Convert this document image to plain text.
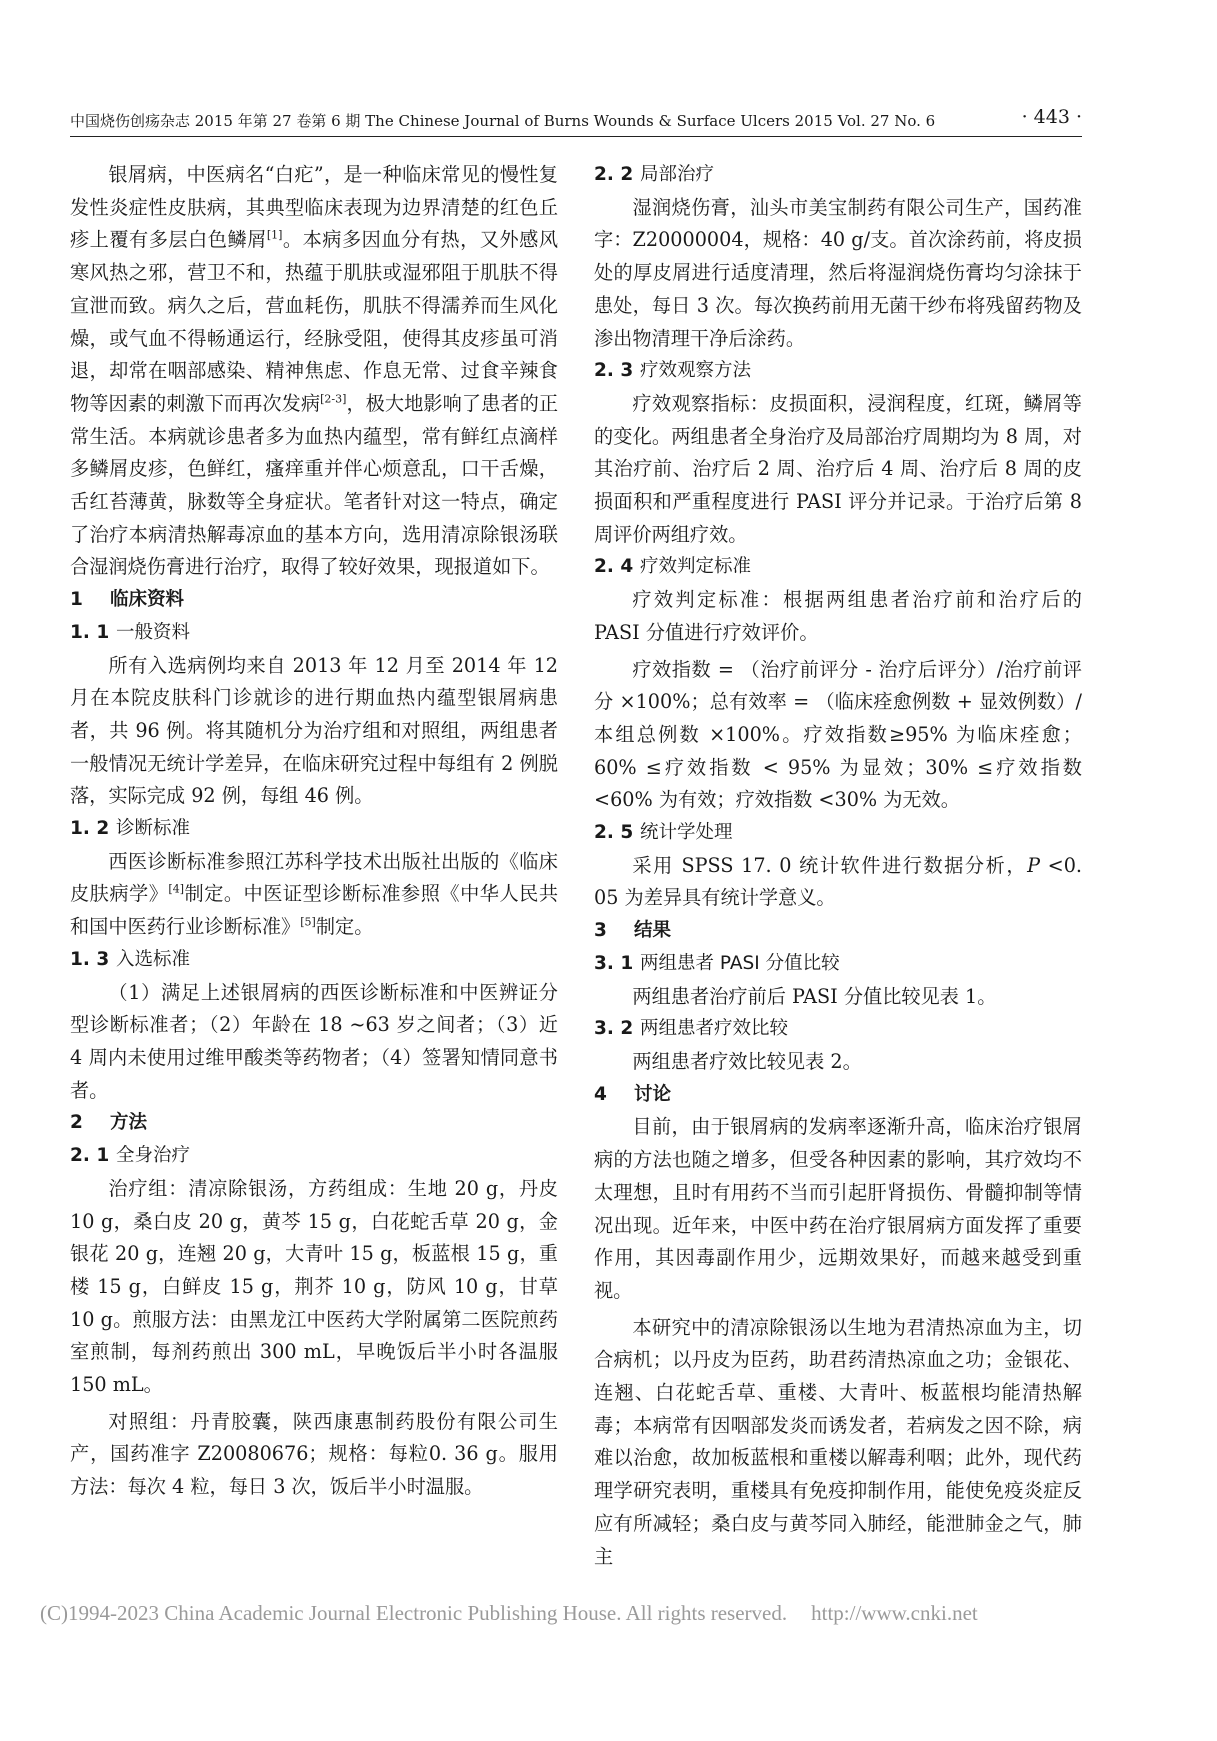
中国烧伤创疡杂志 2015 年第 27 卷第 6 期 The Chinese Journal of Burns Wounds & Surface Ulcers 2015 Vol. 27 No. 6	· 443 ·

银屑病，中医病名“白疕”，是一种临床常见的慢性复发性炎症性皮肤病，其典型临床表现为边界清楚的红色丘疹上覆有多层白色鳞屑[1]。本病多因血分有热，又外感风寒风热之邪，营卫不和，热蕴于肌肤或湿邪阻于肌肤不得宣泄而致。病久之后，营血耗伤，肌肤不得濡养而生风化燥，或气血不得畅通运行，经脉受阻，使得其皮疹虽可消退，却常在咽部感染、精神焦虑、作息无常、过食辛辣食物等因素的刺激下而再次发病[2-3]，极大地影响了患者的正常生活。本病就诊患者多为血热内蕴型，常有鲜红点滴样多鳞屑皮疹，色鲜红，瘙痒重并伴心烦意乱，口干舌燥，舌红苔薄黄，脉数等全身症状。笔者针对这一特点，确定了治疗本病清热解毒凉血的基本方向，选用清凉除银汤联合湿润烧伤膏进行治疗，取得了较好效果，现报道如下。

1 临床资料

1. 1 一般资料

所有入选病例均来自 2013 年 12 月至 2014 年 12 月在本院皮肤科门诊就诊的进行期血热内蕴型银屑病患者，共 96 例。将其随机分为治疗组和对照组，两组患者一般情况无统计学差异，在临床研究过程中每组有 2 例脱落，实际完成 92 例，每组 46 例。

1. 2 诊断标准

西医诊断标准参照江苏科学技术出版社出版的《临床皮肤病学》[4]制定。中医证型诊断标准参照《中华人民共和国中医药行业诊断标准》[5]制定。

1. 3 入选标准

（1）满足上述银屑病的西医诊断标准和中医辨证分型诊断标准者；（2）年龄在 18 ~63 岁之间者；（3）近 4 周内未使用过维甲酸类等药物者；（4）签署知情同意书者。

2 方法

2. 1 全身治疗

治疗组：清凉除银汤，方药组成：生地 20 g，丹皮 10 g，桑白皮 20 g，黄芩 15 g，白花蛇舌草 20 g，金银花 20 g，连翘 20 g，大青叶 15 g，板蓝根 15 g，重楼 15 g，白鲜皮 15 g，荆芥 10 g，防风 10 g，甘草 10 g。煎服方法：由黑龙江中医药大学附属第二医院煎药室煎制，每剂药煎出 300 mL，早晚饭后半小时各温服 150 mL。

对照组：丹青胶囊，陕西康惠制药股份有限公司生产，国药准字 Z20080676；规格：每粒0. 36 g。服用方法：每次 4 粒，每日 3 次，饭后半小时温服。

2. 2 局部治疗

湿润烧伤膏，汕头市美宝制药有限公司生产，国药准字：Z20000004，规格：40 g/支。首次涂药前，将皮损处的厚皮屑进行适度清理，然后将湿润烧伤膏均匀涂抹于患处，每日 3 次。每次换药前用无菌干纱布将残留药物及渗出物清理干净后涂药。

2. 3 疗效观察方法

疗效观察指标：皮损面积，浸润程度，红斑，鳞屑等的变化。两组患者全身治疗及局部治疗周期均为 8 周，对其治疗前、治疗后 2 周、治疗后 4 周、治疗后 8 周的皮损面积和严重程度进行 PASI 评分并记录。于治疗后第 8 周评价两组疗效。

2. 4 疗效判定标准

疗效判定标准：根据两组患者治疗前和治疗后的 PASI 分值进行疗效评价。

疗效指数 = （治疗前评分 - 治疗后评分）/治疗前评分 ×100%；总有效率 = （临床痊愈例数 + 显效例数）/本组总例数 ×100%。疗效指数≥95% 为临床痊愈；60% ≤疗效指数 < 95% 为显效；30% ≤疗效指数 <60% 为有效；疗效指数 <30% 为无效。

2. 5 统计学处理

采用 SPSS 17. 0 统计软件进行数据分析，P <0. 05 为差异具有统计学意义。

3 结果

3. 1 两组患者 PASI 分值比较

两组患者治疗前后 PASI 分值比较见表 1。

3. 2 两组患者疗效比较

两组患者疗效比较见表 2。

4 讨论

目前，由于银屑病的发病率逐渐升高，临床治疗银屑病的方法也随之增多，但受各种因素的影响，其疗效均不太理想，且时有用药不当而引起肝肾损伤、骨髓抑制等情况出现。近年来，中医中药在治疗银屑病方面发挥了重要作用，其因毒副作用少，远期效果好，而越来越受到重视。

本研究中的清凉除银汤以生地为君清热凉血为主，切合病机；以丹皮为臣药，助君药清热凉血之功；金银花、连翘、白花蛇舌草、重楼、大青叶、板蓝根均能清热解毒；本病常有因咽部发炎而诱发者，若病发之因不除，病难以治愈，故加板蓝根和重楼以解毒利咽；此外，现代药理学研究表明，重楼具有免疫抑制作用，能使免疫炎症反应有所减轻；桑白皮与黄芩同入肺经，能泄肺金之气，肺主

(C)1994-2023 China Academic Journal Electronic Publishing House. All rights reserved. http://www.cnki.net
